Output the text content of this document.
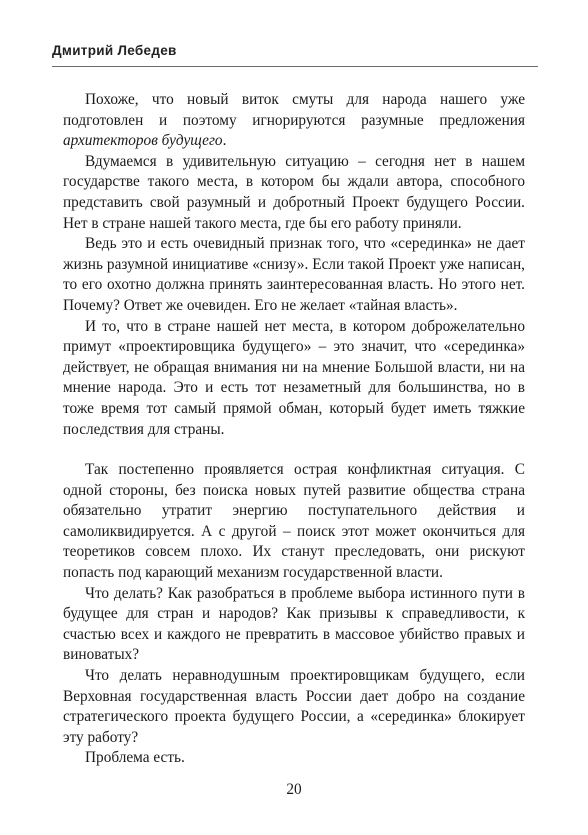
Дмитрий Лебедев

Похоже, что новый виток смуты для народа нашего уже подготовлен и поэтому игнорируются разумные предложения архитекторов будущего.

Вдумаемся в удивительную ситуацию – сегодня нет в нашем государстве такого места, в котором бы ждали автора, способного представить свой разумный и добротный Проект будущего России. Нет в стране нашей такого места, где бы его работу приняли.

Ведь это и есть очевидный признак того, что «серединка» не дает жизнь разумной инициативе «снизу». Если такой Проект уже написан, то его охотно должна принять заинтересованная власть. Но этого нет. Почему? Ответ же очевиден. Его не желает «тайная власть».

И то, что в стране нашей нет места, в котором доброжелательно примут «проектировщика будущего» – это значит, что «серединка» действует, не обращая внимания ни на мнение Большой власти, ни на мнение народа. Это и есть тот незаметный для большинства, но в тоже время тот самый прямой обман, который будет иметь тяжкие последствия для страны.

Так постепенно проявляется острая конфликтная ситуация. С одной стороны, без поиска новых путей развитие общества страна обязательно утратит энергию поступательного действия и самоликвидируется. А с другой – поиск этот может окончиться для теоретиков совсем плохо. Их станут преследовать, они рискуют попасть под карающий механизм государственной власти.

Что делать? Как разобраться в проблеме выбора истинного пути в будущее для стран и народов? Как призывы к справедливости, к счастью всех и каждого не превратить в массовое убийство правых и виноватых?

Что делать неравнодушным проектировщикам будущего, если Верховная государственная власть России дает добро на создание стратегического проекта будущего России, а «серединка» блокирует эту работу?

Проблема есть.

20
